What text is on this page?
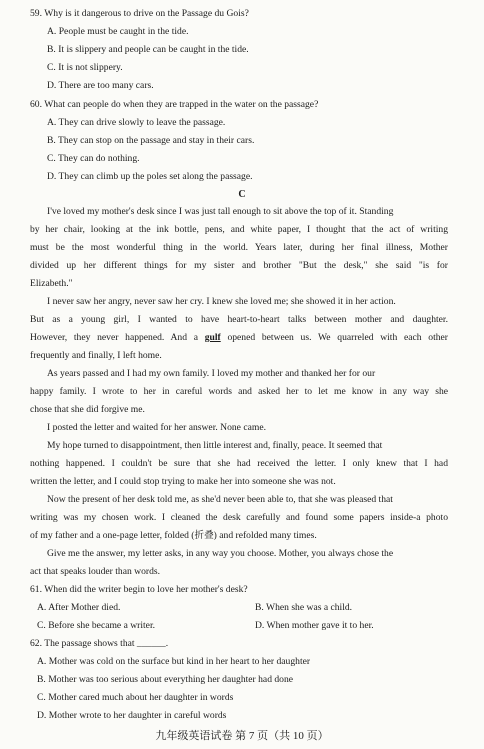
59. Why is it dangerous to drive on the Passage du Gois?
A. People must be caught in the tide.
B. It is slippery and people can be caught in the tide.
C. It is not slippery.
D. There are too many cars.
60. What can people do when they are trapped in the water on the passage?
A. They can drive slowly to leave the passage.
B. They can stop on the passage and stay in their cars.
C. They can do nothing.
D. They can climb up the poles set along the passage.
C
I've loved my mother's desk since I was just tall enough to sit above the top of it. Standing
by her chair, looking at the ink bottle, pens, and white paper, I thought that the act of writing
must be the most wonderful thing in the world. Years later, during her final illness, Mother
divided up her different things for my sister and brother "But the desk," she said "is for
Elizabeth."
I never saw her angry, never saw her cry. I knew she loved me; she showed it in her action.
But as a young girl, I wanted to have heart-to-heart talks between mother and daughter.
However, they never happened. And a gulf opened between us. We quarreled with each other
frequently and finally, I left home.
As years passed and I had my own family. I loved my mother and thanked her for our
happy family. I wrote to her in careful words and asked her to let me know in any way she
chose that she did forgive me.
I posted the letter and waited for her answer. None came.
My hope turned to disappointment, then little interest and, finally, peace. It seemed that
nothing happened. I couldn't be sure that she had received the letter. I only knew that I had
written the letter, and I could stop trying to make her into someone she was not.
Now the present of her desk told me, as she'd never been able to, that she was pleased that
writing was my chosen work. I cleaned the desk carefully and found some papers inside-a photo
of my father and a one-page letter, folded (折叠) and refolded many times.
Give me the answer, my letter asks, in any way you choose. Mother, you always chose the
act that speaks louder than words.
61. When did the writer begin to love her mother's desk?
A. After Mother died.	B. When she was a child.
C. Before she became a writer.	D. When mother gave it to her.
62. The passage shows that ______.
A. Mother was cold on the surface but kind in her heart to her daughter
B. Mother was too serious about everything her daughter had done
C. Mother cared much about her daughter in words
D. Mother wrote to her daughter in careful words
九年级英语试卷 第 7 页（共 10 页）
